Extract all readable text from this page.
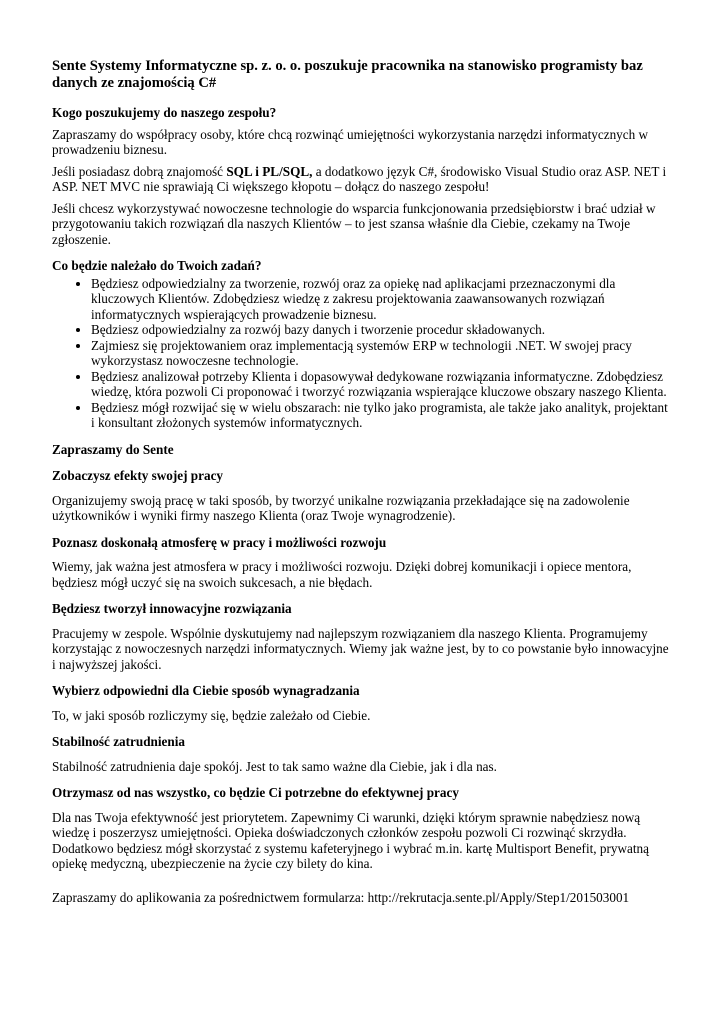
Sente Systemy Informatyczne sp. z. o. o. poszukuje pracownika na stanowisko programisty baz danych ze znajomością C#
Kogo poszukujemy do naszego zespołu?

Zapraszamy do współpracy osoby, które chcą rozwinąć umiejętności wykorzystania narzędzi informatycznych w prowadzeniu biznesu.

Jeśli posiadasz dobrą znajomość SQL i PL/SQL, a dodatkowo język C#, środowisko Visual Studio oraz ASP. NET i ASP. NET MVC nie sprawiają Ci większego kłopotu – dołącz do naszego zespołu!

Jeśli chcesz wykorzystywać nowoczesne technologie do wsparcia funkcjonowania przedsiębiorstw i brać udział w przygotowaniu takich rozwiązań dla naszych Klientów – to jest szansa właśnie dla Ciebie, czekamy na Twoje zgłoszenie.

Co będzie należało do Twoich zadań?
• Będziesz odpowiedzialny za tworzenie, rozwój oraz za opiekę nad aplikacjami przeznaczonymi dla kluczowych Klientów. Zdobędziesz wiedzę z zakresu projektowania zaawansowanych rozwiązań informatycznych wspierających prowadzenie biznesu.
• Będziesz odpowiedzialny za rozwój bazy danych i tworzenie procedur składowanych.
• Zajmiesz się projektowaniem oraz implementacją systemów ERP w technologii .NET. W swojej pracy wykorzystasz nowoczesne technologie.
• Będziesz analizował potrzeby Klienta i dopasowywał dedykowane rozwiązania informatyczne. Zdobędziesz wiedzę, która pozwoli Ci proponować i tworzyć rozwiązania wspierające kluczowe obszary naszego Klienta.
• Będziesz mógł rozwijać się w wielu obszarach: nie tylko jako programista, ale także jako analityk, projektant i konsultant złożonych systemów informatycznych.
Zapraszamy do Sente
Zobaczysz efekty swojej pracy

Organizujemy swoją pracę w taki sposób, by tworzyć unikalne rozwiązania przekładające się na zadowolenie użytkowników i wyniki firmy naszego Klienta (oraz Twoje wynagrodzenie).

Poznasz doskonałą atmosferę w pracy i możliwości rozwoju

Wiemy, jak ważna jest atmosfera w pracy i możliwości rozwoju. Dzięki dobrej komunikacji i opiece mentora, będziesz mógł uczyć się na swoich sukcesach, a nie błędach.

Będziesz tworzył innowacyjne rozwiązania

Pracujemy w zespole. Wspólnie dyskutujemy nad najlepszym rozwiązaniem dla naszego Klienta. Programujemy korzystając z nowoczesnych narzędzi informatycznych. Wiemy jak ważne jest, by to co powstanie było innowacyjne i najwyższej jakości.

Wybierz odpowiedni dla Ciebie sposób wynagradzania

To, w jaki sposób rozliczymy się, będzie zależało od Ciebie.

Stabilność zatrudnienia

Stabilność zatrudnienia daje spokój. Jest to tak samo ważne dla Ciebie, jak i dla nas.

Otrzymasz od nas wszystko, co będzie Ci potrzebne do efektywnej pracy

Dla nas Twoja efektywność jest priorytetem. Zapewnimy Ci warunki, dzięki którym sprawnie nabędziesz nową wiedzę i poszerzysz umiejętności. Opieka doświadczonych członków zespołu pozwoli Ci rozwinąć skrzydła. Dodatkowo będziesz mógł skorzystać z systemu kafeteryjnego i wybrać m.in. kartę Multisport Benefit, prywatną opiekę medyczną, ubezpieczenie na życie czy bilety do kina.

Zapraszamy do aplikowania za pośrednictwem formularza: http://rekrutacja.sente.pl/Apply/Step1/201503001
